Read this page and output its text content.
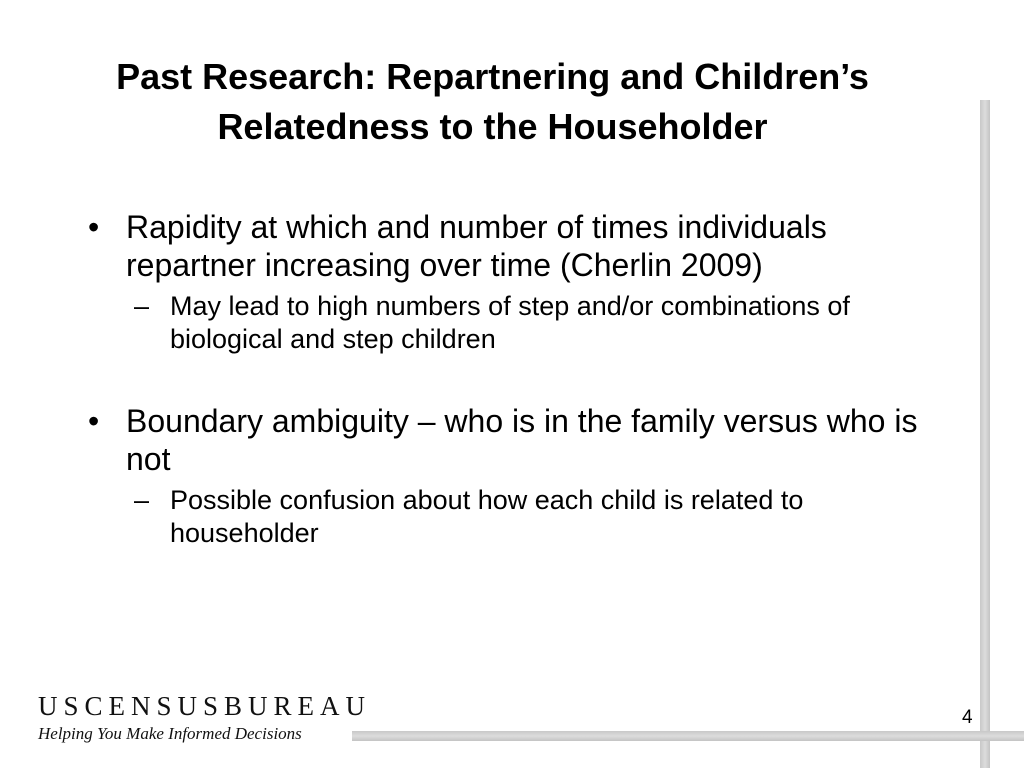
Past Research: Repartnering and Children’s
Relatedness to the Householder
• Rapidity at which and number of times individuals repartner increasing over time (Cherlin 2009)
– May lead to high numbers of step and/or combinations of biological and step children
• Boundary ambiguity – who is in the family versus who is not
– Possible confusion about how each child is related to householder
USCENSUSBUREAU
Helping You Make Informed Decisions
4
